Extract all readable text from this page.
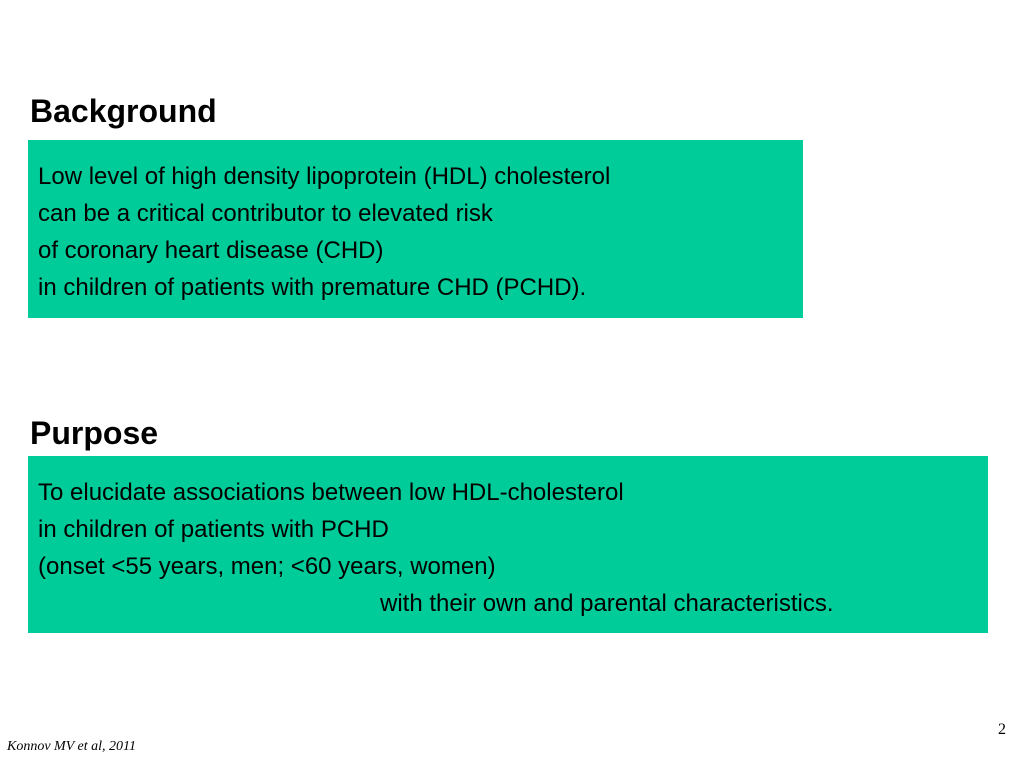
Background
Low level of high density lipoprotein (HDL) cholesterol
can be a critical contributor to elevated risk
of coronary heart disease (CHD)
in children of patients with premature CHD (PCHD).
Purpose
To elucidate associations between low HDL-cholesterol
in children of patients with PCHD
(onset <55 years, men; <60 years, women)
with their own and parental characteristics.
Konnov MV et al, 2011
2
